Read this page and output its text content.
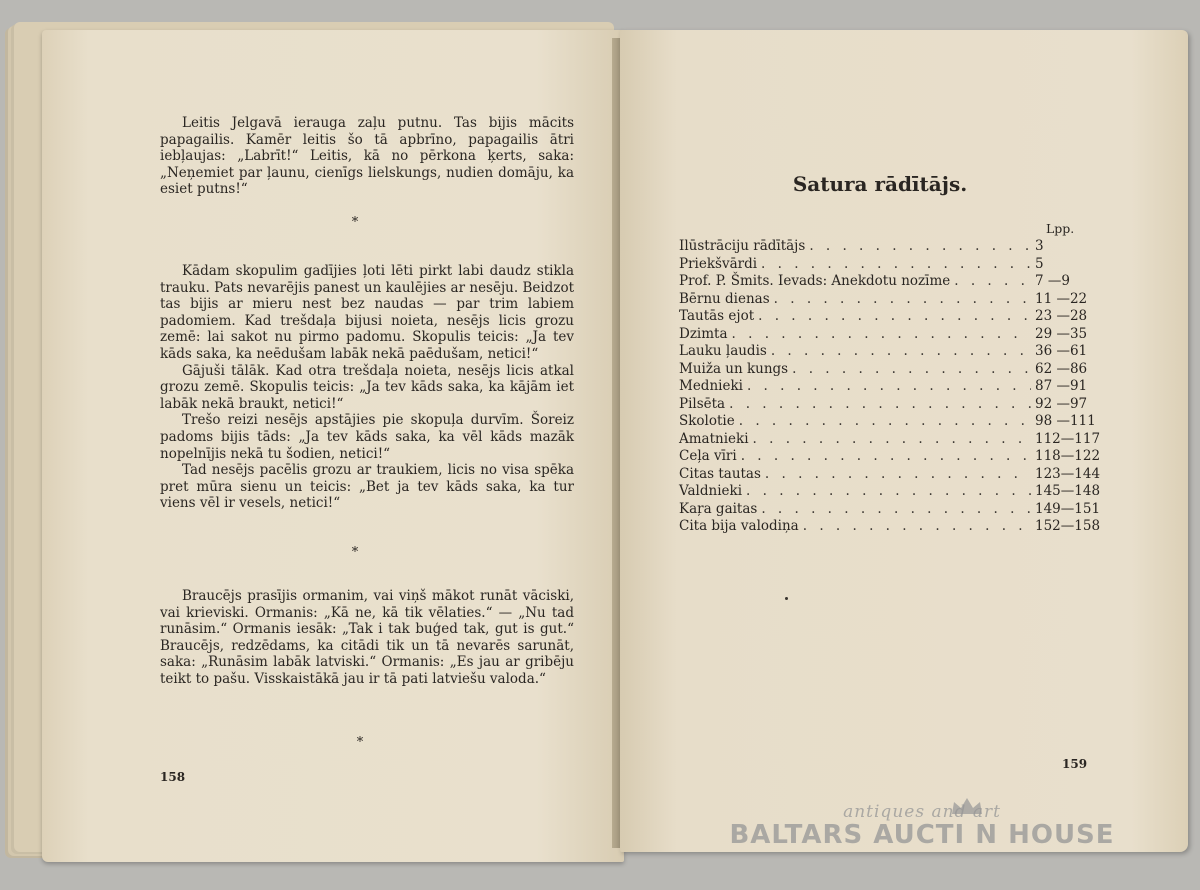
Leitis Jelgavā ierauga zaļu putnu. Tas bijis mācits papagailis. Kamēr leitis šo tā apbrīno, papagailis ātri iebļaujas: „Labrīt!“ Leitis, kā no pērkona ķerts, saka: „Neņemiet par ļaunu, cienīgs lielskungs, nudien domāju, ka esiet putns!“

*

Kādam skopulim gadījies ļoti lēti pirkt labi daudz stikla trauku. Pats nevarējis panest un kaulējies ar nesēju. Beidzot tas bijis ar mieru nest bez naudas — par trim labiem padomiem. Kad trešdaļa bijusi noieta, nesējs licis grozu zemē: lai sakot nu pirmo padomu. Skopulis teicis: „Ja tev kāds saka, ka neēdušam labāk nekā paēdušam, netici!“

Gājuši tālāk. Kad otra trešdaļa noieta, nesējs licis atkal grozu zemē. Skopulis teicis: „Ja tev kāds saka, ka kājām iet labāk nekā braukt, netici!“

Trešo reizi nesējs apstājies pie skopuļa durvīm. Šoreiz padoms bijis tāds: „Ja tev kāds saka, ka vēl kāds mazāk nopelnījis nekā tu šodien, netici!“

Tad nesējs pacēlis grozu ar traukiem, licis no visa spēka pret mūra sienu un teicis: „Bet ja tev kāds saka, ka tur viens vēl ir vesels, netici!“

*

Braucējs prasījis ormanim, vai viņš mākot runāt vāciski, vai krieviski. Ormanis: „Kā ne, kā tik vēlaties.“ — „Nu tad runāsim.“ Ormanis iesāk: „Tak i tak buģed tak, gut is gut.“ Braucējs, redzēdams, ka citādi tik un tā nevarēs sarunāt, saka: „Runāsim labāk latviski.“ Ormanis: „Es jau ar gribēju teikt to pašu. Visskaistākā jau ir tā pati latviešu valoda.“

*
158
Satura rādītājs.
Lpp.
Ilūstrāciju rādītājs . . .	3
Priekšvārdi . . .	5
Prof. P. Šmits. Ievads: Anekdotu nozīme . . .	7 —9
Bērnu dienas . . .	11 —22
Tautās ejot . . .	23 —28
Dzimta . . .	29 —35
Lauku ļaudis . . .	36 —61
Muiža un kungs . . .	62 —86
Mednieki . . .	87 —91
Pilsēta . . .	92 —97
Skolotie . . .	98 —111
Amatnieki . . .	112—117
Ceļa vīri . . .	118—122
Citas tautas . . .	123—144
Valdnieki . . .	145—148
Kaŗa gaitas . . .	149—151
Cita bija valodiņa . . .	152—158
159
antiques and art
BALTARS AUCTI N HOUSE
